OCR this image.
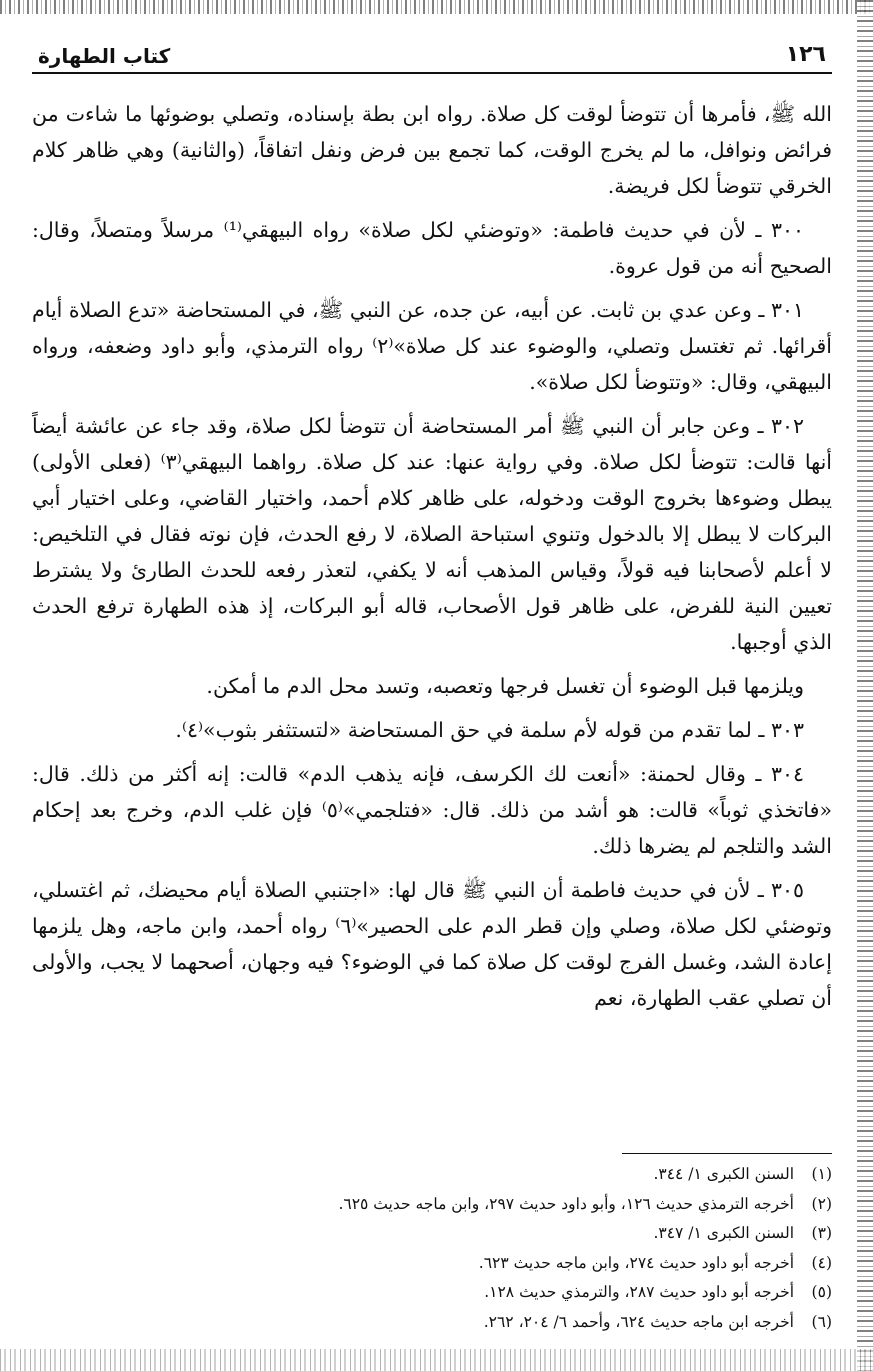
كتاب الطهارة	١٢٦

الله ﷺ، فأمرها أن تتوضأ لوقت كل صلاة. رواه ابن بطة بإسناده، وتصلي بوضوئها ما شاءت من فرائض ونوافل، ما لم يخرج الوقت، كما تجمع بين فرض ونفل اتفاقاً، (والثانية) وهي ظاهر كلام الخرقي تتوضأ لكل فريضة.

٣٠٠ ـ لأن في حديث فاطمة: «وتوضئي لكل صلاة» رواه البيهقي⁽¹⁾ مرسلاً ومتصلاً، وقال: الصحيح أنه من قول عروة.

٣٠١ ـ وعن عدي بن ثابت. عن أبيه، عن جده، عن النبي ﷺ، في المستحاضة «تدع الصلاة أيام أقرائها. ثم تغتسل وتصلي، والوضوء عند كل صلاة»⁽٢⁾ رواه الترمذي، وأبو داود وضعفه، ورواه البيهقي، وقال: «وتتوضأ لكل صلاة».

٣٠٢ ـ وعن جابر أن النبي ﷺ أمر المستحاضة أن تتوضأ لكل صلاة، وقد جاء عن عائشة أيضاً أنها قالت: تتوضأ لكل صلاة. وفي رواية عنها: عند كل صلاة. رواهما البيهقي⁽٣⁾ (فعلى الأولى) يبطل وضوءها بخروج الوقت ودخوله، على ظاهر كلام أحمد، واختيار القاضي، وعلى اختيار أبي البركات لا يبطل إلا بالدخول وتنوي استباحة الصلاة، لا رفع الحدث، فإن نوته فقال في التلخيص: لا أعلم لأصحابنا فيه قولاً، وقياس المذهب أنه لا يكفي، لتعذر رفعه للحدث الطارئ ولا يشترط تعيين النية للفرض، على ظاهر قول الأصحاب، قاله أبو البركات، إذ هذه الطهارة ترفع الحدث الذي أوجبها.

ويلزمها قبل الوضوء أن تغسل فرجها وتعصبه، وتسد محل الدم ما أمكن.

٣٠٣ ـ لما تقدم من قوله لأم سلمة في حق المستحاضة «لتستثفر بثوب»⁽٤⁾.

٣٠٤ ـ وقال لحمنة: «أنعت لك الكرسف، فإنه يذهب الدم» قالت: إنه أكثر من ذلك. قال: «فاتخذي ثوباً» قالت: هو أشد من ذلك. قال: «فتلجمي»⁽٥⁾ فإن غلب الدم، وخرج بعد إحكام الشد والتلجم لم يضرها ذلك.

٣٠٥ ـ لأن في حديث فاطمة أن النبي ﷺ قال لها: «اجتنبي الصلاة أيام محيضك، ثم اغتسلي، وتوضئي لكل صلاة، وصلي وإن قطر الدم على الحصير»⁽٦⁾ رواه أحمد، وابن ماجه، وهل يلزمها إعادة الشد، وغسل الفرج لوقت كل صلاة كما في الوضوء؟ فيه وجهان، أصحهما لا يجب، والأولى أن تصلي عقب الطهارة، نعم

(١)السنن الكبرى ١/ ٣٤٤.
(٢)أخرجه الترمذي حديث ١٢٦، وأبو داود حديث ٢٩٧، وابن ماجه حديث ٦٢٥.
(٣)السنن الكبرى ١/ ٣٤٧.
(٤)أخرجه أبو داود حديث ٢٧٤، وابن ماجه حديث ٦٢٣.
(٥)أخرجه أبو داود حديث ٢٨٧، والترمذي حديث ١٢٨.
(٦)أخرجه ابن ماجه حديث ٦٢٤، وأحمد ٦/ ٢٠٤، ٢٦٢.
